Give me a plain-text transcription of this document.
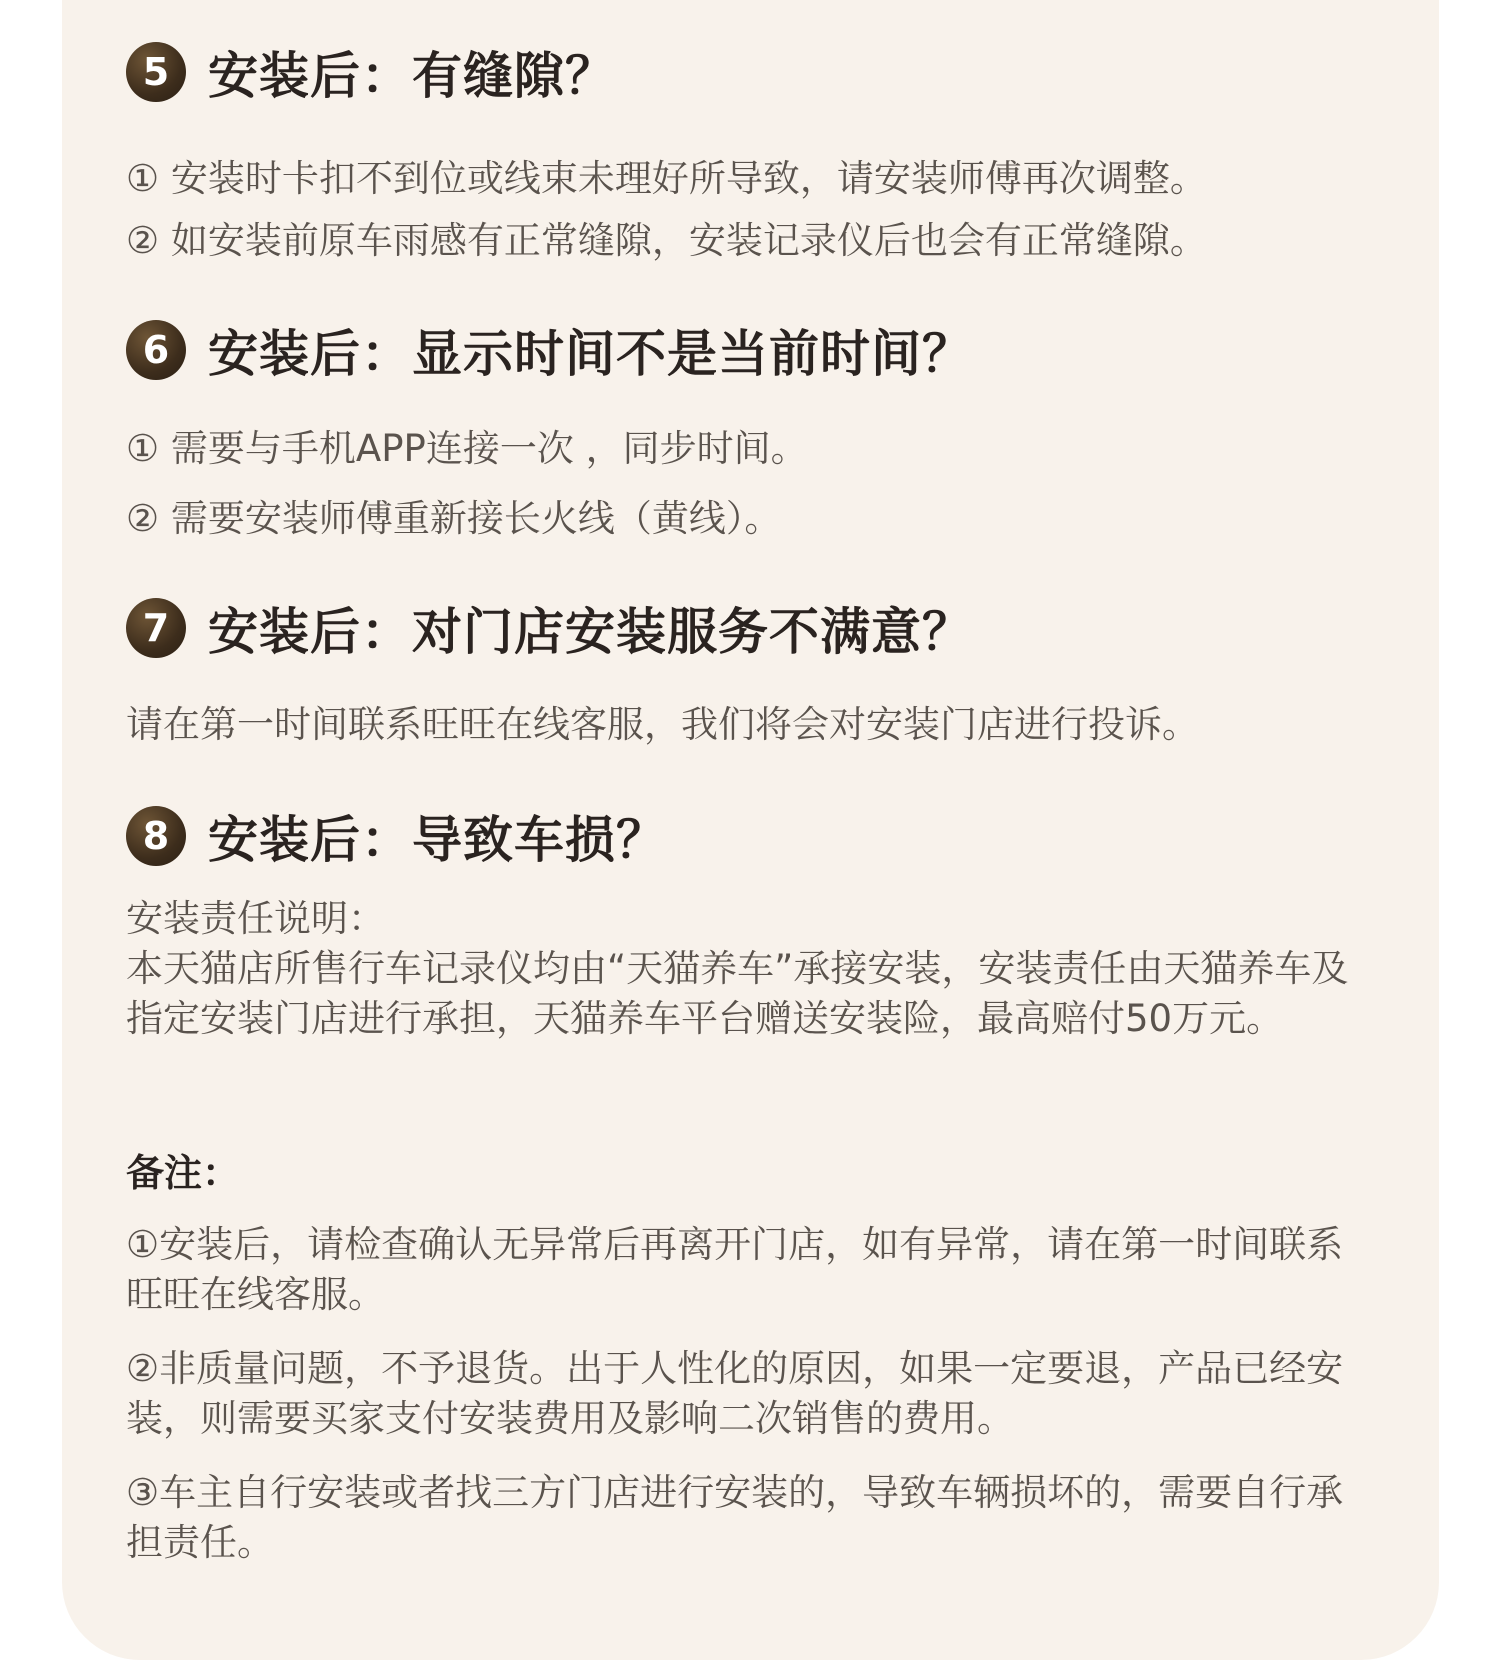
5 安装后：有缝隙？
① 安装时卡扣不到位或线束未理好所导致，请安装师傅再次调整。
② 如安装前原车雨感有正常缝隙，安装记录仪后也会有正常缝隙。
6 安装后：显示时间不是当前时间？
① 需要与手机APP连接一次 ，同步时间。
② 需要安装师傅重新接长火线（黄线）。
7 安装后：对门店安装服务不满意？
请在第一时间联系旺旺在线客服，我们将会对安装门店进行投诉。
8 安装后：导致车损？
安装责任说明：
本天猫店所售行车记录仪均由“天猫养车”承接安装，安装责任由天猫养车及指定安装门店进行承担，天猫养车平台赠送安装险，最高赔付50万元。
备注：
①安装后，请检查确认无异常后再离开门店，如有异常，请在第一时间联系旺旺在线客服。
②非质量问题，不予退货。出于人性化的原因，如果一定要退，产品已经安装，则需要买家支付安装费用及影响二次销售的费用。
③车主自行安装或者找三方门店进行安装的，导致车辆损坏的，需要自行承担责任。
